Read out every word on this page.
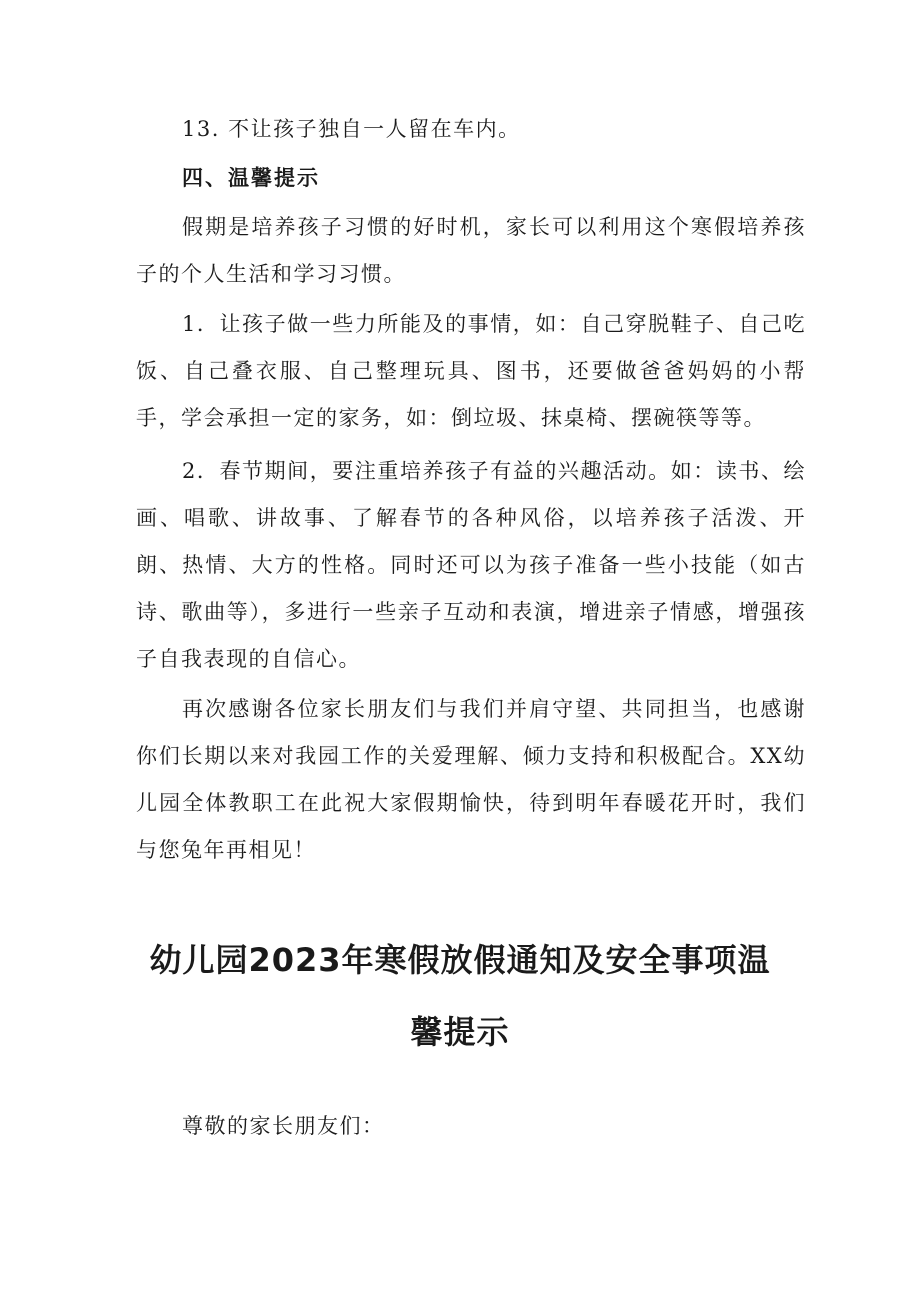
13. 不让孩子独自一人留在车内。

四、温馨提示

假期是培养孩子习惯的好时机，家长可以利用这个寒假培养孩子的个人生活和学习习惯。

1．让孩子做一些力所能及的事情，如：自己穿脱鞋子、自己吃饭、自己叠衣服、自己整理玩具、图书，还要做爸爸妈妈的小帮手，学会承担一定的家务，如：倒垃圾、抹桌椅、摆碗筷等等。

2．春节期间，要注重培养孩子有益的兴趣活动。如：读书、绘画、唱歌、讲故事、了解春节的各种风俗，以培养孩子活泼、开朗、热情、大方的性格。同时还可以为孩子准备一些小技能（如古诗、歌曲等），多进行一些亲子互动和表演，增进亲子情感，增强孩子自我表现的自信心。

再次感谢各位家长朋友们与我们并肩守望、共同担当，也感谢你们长期以来对我园工作的关爱理解、倾力支持和积极配合。XX幼儿园全体教职工在此祝大家假期愉快，待到明年春暖花开时，我们与您兔年再相见！

幼儿园2023年寒假放假通知及安全事项温
馨提示

尊敬的家长朋友们：
